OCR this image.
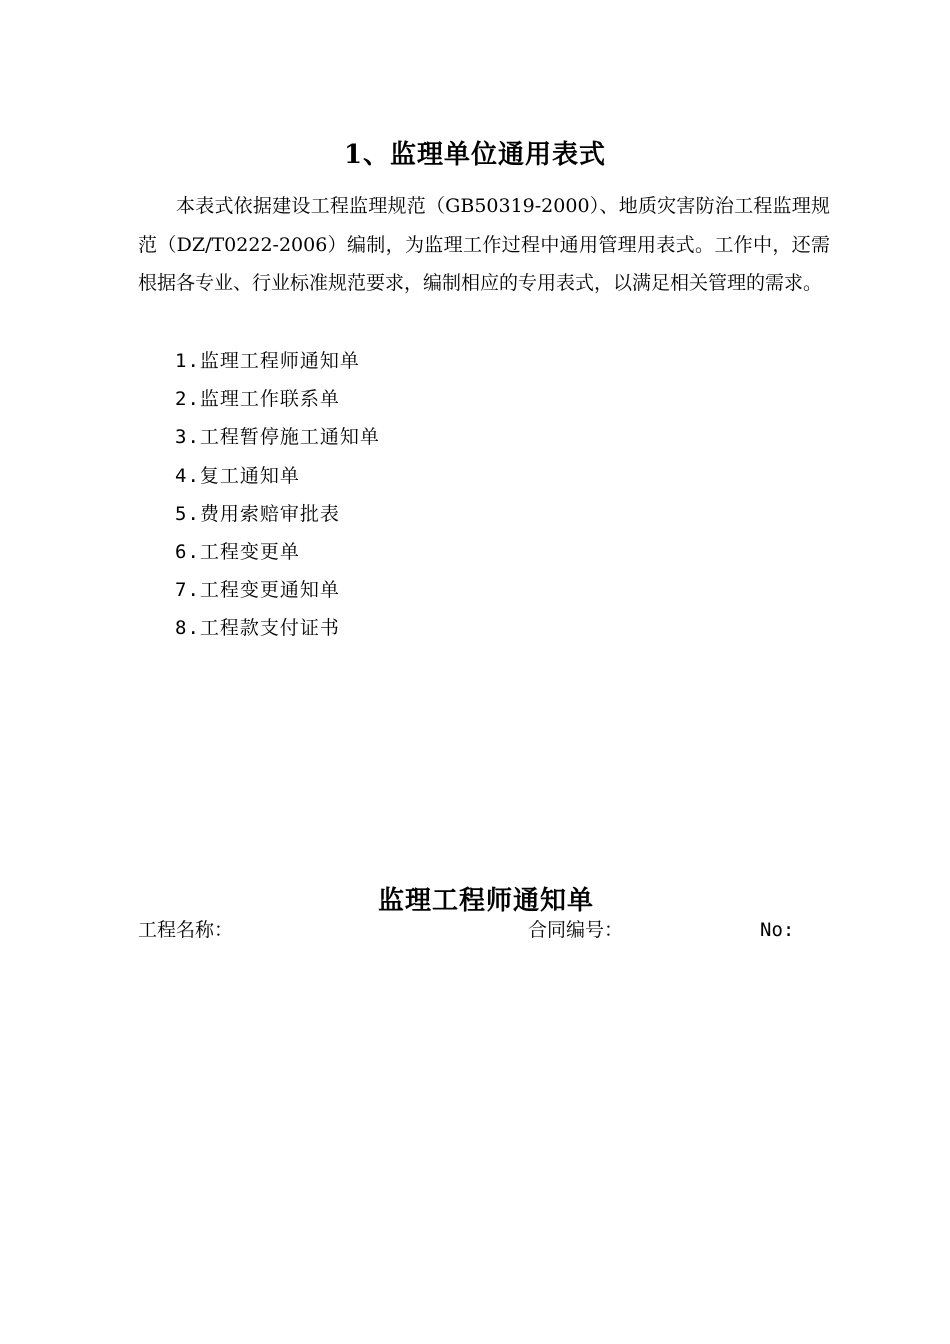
1、监理单位通用表式

本表式依据建设工程监理规范（GB50319-2000）、地质灾害防治工程监理规范（DZ/T0222-2006）编制，为监理工作过程中通用管理用表式。工作中，还需根据各专业、行业标准规范要求，编制相应的专用表式，以满足相关管理的需求。

1.监理工程师通知单
2.监理工作联系单
3.工程暂停施工通知单
4.复工通知单
5.费用索赔审批表
6.工程变更单
7.工程变更通知单
8.工程款支付证书
监理工程师通知单
工程名称：	合同编号：	No:
